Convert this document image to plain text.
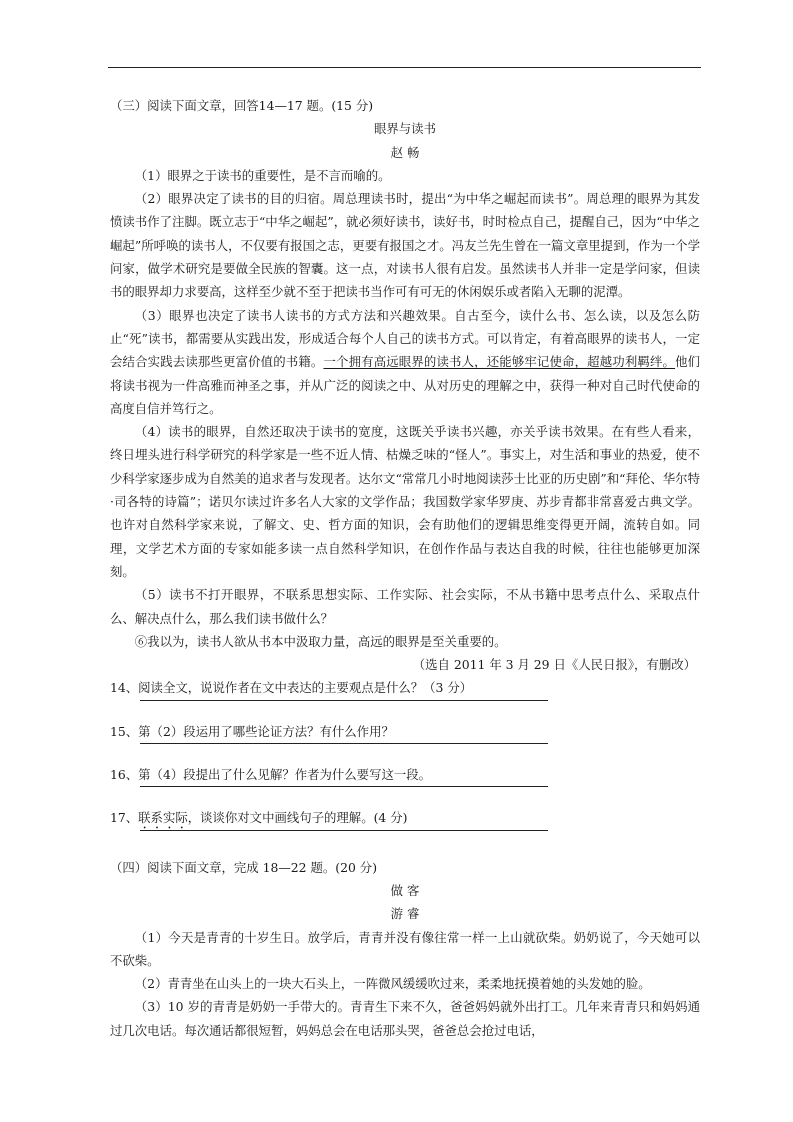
（三）阅读下面文章，回答14—17 题。(15 分)

眼界与读书

赵 畅

（1）眼界之于读书的重要性，是不言而喻的。

（2）眼界决定了读书的目的归宿。周总理读书时，提出“为中华之崛起而读书”。周总理的眼界为其发愤读书作了注脚。既立志于“中华之崛起”，就必须好读书，读好书，时时检点自己，提醒自己，因为“中华之崛起”所呼唤的读书人，不仅要有报国之志，更要有报国之才。冯友兰先生曾在一篇文章里提到，作为一个学问家，做学术研究是要做全民族的智囊。这一点，对读书人很有启发。虽然读书人并非一定是学问家，但读书的眼界却力求要高，这样至少就不至于把读书当作可有可无的休闲娱乐或者陷入无聊的泥潭。

（3）眼界也决定了读书人读书的方式方法和兴趣效果。自古至今，读什么书、怎么读，以及怎么防止“死”读书，都需要从实践出发，形成适合每个人自己的读书方式。可以肯定，有着高眼界的读书人，一定会结合实践去读那些更富价值的书籍。一个拥有高远眼界的读书人，还能够牢记使命，超越功利羁绊。他们将读书视为一件高雅而神圣之事，并从广泛的阅读之中、从对历史的理解之中，获得一种对自己时代使命的高度自信并笃行之。

（4）读书的眼界，自然还取决于读书的宽度，这既关乎读书兴趣，亦关乎读书效果。在有些人看来，终日埋头进行科学研究的科学家是一些不近人情、枯燥乏味的“怪人”。事实上，对生活和事业的热爱，使不少科学家逐步成为自然美的追求者与发现者。达尔文“常常几小时地阅读莎士比亚的历史剧”和“拜伦、华尔特·司各特的诗篇”；诺贝尔读过许多名人大家的文学作品；我国数学家华罗庚、苏步青都非常喜爱古典文学。也许对自然科学家来说，了解文、史、哲方面的知识，会有助他们的逻辑思维变得更开阔，流转自如。同理，文学艺术方面的专家如能多读一点自然科学知识，在创作作品与表达自我的时候，往往也能够更加深刻。

（5）读书不打开眼界，不联系思想实际、工作实际、社会实际，不从书籍中思考点什么、采取点什么、解决点什么，那么我们读书做什么？

⑥我以为，读书人欲从书本中汲取力量，高远的眼界是至关重要的。

（选自 2011 年 3 月 29 日《人民日报》，有删改）

14、阅读全文，说说作者在文中表达的主要观点是什么？（3 分）

15、第（2）段运用了哪些论证方法？有什么作用？

16、第（4）段提出了什么见解？作者为什么要写这一段。

17、联系实际，谈谈你对文中画线句子的理解。(4 分)

（四）阅读下面文章，完成 18—22 题。(20 分)

做 客

游 睿

（1）今天是青青的十岁生日。放学后，青青并没有像往常一样一上山就砍柴。奶奶说了，今天她可以不砍柴。

（2）青青坐在山头上的一块大石头上，一阵微风缓缓吹过来，柔柔地抚摸着她的头发她的脸。

（3）10 岁的青青是奶奶一手带大的。青青生下来不久，爸爸妈妈就外出打工。几年来青青只和妈妈通过几次电话。每次通话都很短暂，妈妈总会在电话那头哭，爸爸总会抢过电话，
